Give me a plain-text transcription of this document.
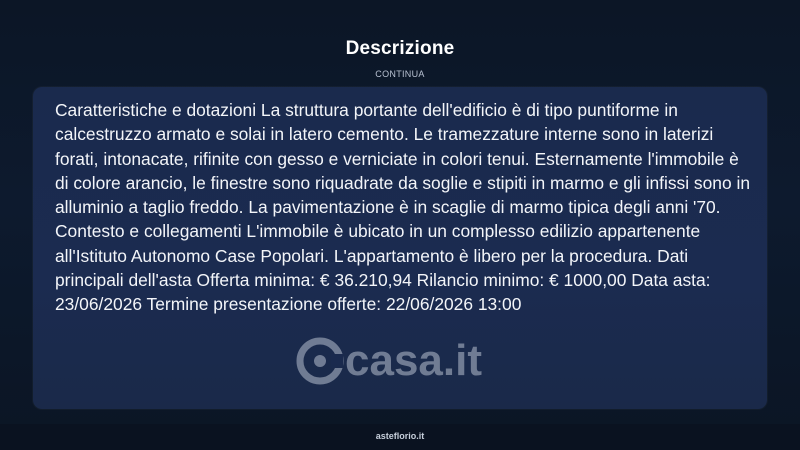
Descrizione
CONTINUA

Caratteristiche e dotazioni La struttura portante dell'edificio è di tipo puntiforme in calcestruzzo armato e solai in latero cemento. Le tramezzature interne sono in laterizi forati, intonacate, rifinite con gesso e verniciate in colori tenui. Esternamente l'immobile è di colore arancio, le finestre sono riquadrate da soglie e stipiti in marmo e gli infissi sono in alluminio a taglio freddo. La pavimentazione è in scaglie di marmo tipica degli anni '70. Contesto e collegamenti L'immobile è ubicato in un complesso edilizio appartenente all'Istituto Autonomo Case Popolari. L'appartamento è libero per la procedura. Dati principali dell'asta Offerta minima: € 36.210,94 Rilancio minimo: € 1000,00 Data asta: 23/06/2026 Termine presentazione offerte: 22/06/2026 13:00

casa.it
asteflorio.it
